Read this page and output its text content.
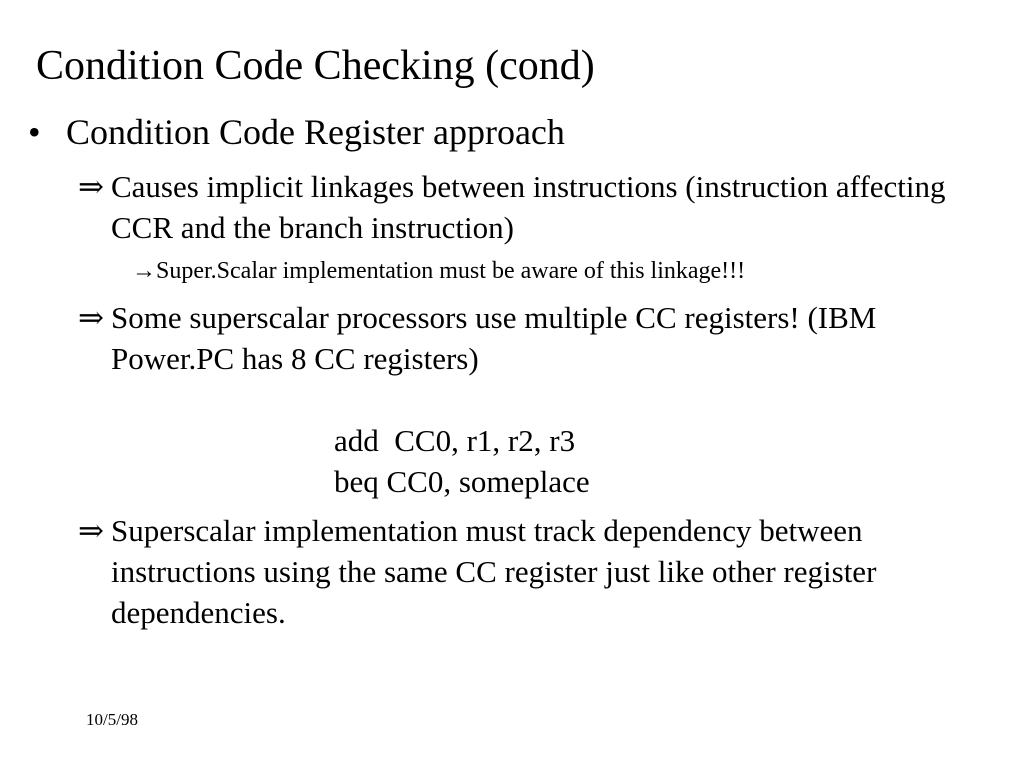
Condition Code Checking (cond)
• Condition Code Register approach
⇒ Causes implicit linkages between instructions (instruction affecting CCR and the branch instruction)
→Super.Scalar implementation must be aware of this linkage!!!
⇒ Some superscalar processors use multiple CC registers! (IBM Power.PC has 8 CC registers)
add  CC0, r1, r2, r3
beq CC0, someplace
⇒ Superscalar implementation must track dependency between instructions using the same CC register just like other register dependencies.
10/5/98
